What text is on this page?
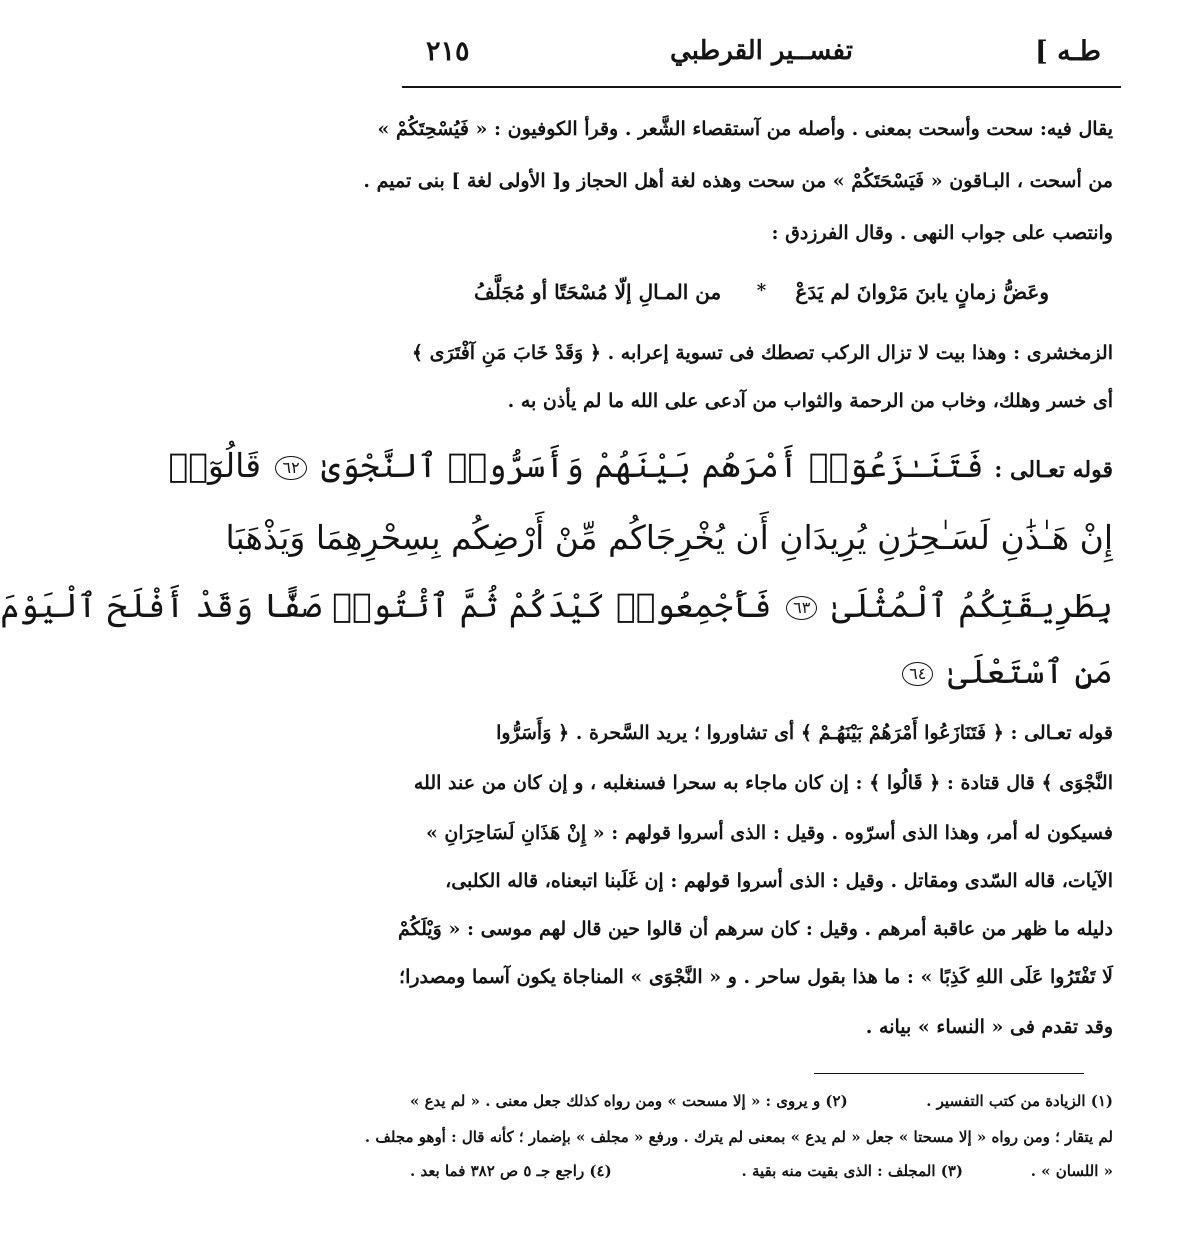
طـه ]
تفســير القرطبي
٢١٥
يقال فيه: سحت وأسحت بمعنى . وأصله من آستقصاء الشَّعر . وقرأ الكوفيون : « فَيُسْحِتَكُمْ »
من أسحت ، البـاقون « فَيَسْحَتَكُمْ » من سحت وهذه لغة أهل الحجاز و[ الأولى لغة ] بنى تميم .
وانتصب على جواب النهى . وقال الفرزدق :
وعَضُّ زمانٍ يابنَ مَرْوانَ لم يَدَعْ
*
من المـالِ إلّا مُسْحَتًا أو مُجَلَّفُ
الزمخشرى : وهذا بيت لا تزال الركب تصطك فى تسوية إعرابه . ﴿ وَقَدْ خَابَ مَنِ آفْتَرَى ﴾
أى خسر وهلك، وخاب من الرحمة والثواب من آدعى على الله ما لم يأذن به .
قوله تعـالى : فَتَنَـٰزَعُوٓا۟ أَمْرَهُم بَيْنَهُمْ وَأَسَرُّوا۟ ٱلنَّجْوَىٰ ٦٢ قَالُوٓا۟
إِنْ هَـٰذَٰنِ لَسَـٰحِرَٰنِ يُرِيدَانِ أَن يُخْرِجَاكُم مِّنْ أَرْضِكُم بِسِحْرِهِمَا وَيَذْهَبَا
بِطَرِيقَتِكُمُ ٱلْمُثْلَىٰ ٦٣ فَأَجْمِعُوا۟ كَيْدَكُمْ ثُمَّ ٱئْتُوا۟ صَفًّا وَقَدْ أَفْلَحَ ٱلْيَوْمَ
مَنِ ٱسْتَعْلَىٰ ٦٤
قوله تعـالى : ﴿ فَتَنَازَعُوا أَمْرَهُمْ بَيْنَهُـمْ ﴾ أى تشاوروا ؛ يريد السَّحرة . ﴿ وَأَسَرُّوا
النَّجْوَى ﴾ قال قتادة : ﴿ قَالُوا ﴾ : إن كان ماجاء به سحرا فسنغلبه ، و إن كان من عند الله
فسيكون له أمر، وهذا الذى أسرّوه . وقيل : الذى أسروا قولهم : « إِنْ هَذَانِ لَسَاحِرَانِ »
الآيات، قاله السّدى ومقاتل . وقيل : الذى أسروا قولهم : إن غَلَبنا اتبعناه، قاله الكلبى،
دليله ما ظهر من عاقبة أمرهم . وقيل : كان سرهم أن قالوا حين قال لهم موسى : « وَيْلَكُمْ
لَا تَفْتَرُوا عَلَى اللهِ كَذِبًا » : ما هذا بقول ساحر . و « النَّجْوَى » المناجاة يكون آسما ومصدرا؛
وقد تقدم فى « النساء » بيانه .
(١) الزيادة من كتب التفسير .
(٢) و يروى : « إلا مسحت » ومن رواه كذلك جعل معنى . « لم يدع »
لم يتقار ؛ ومن رواه « إلا مسحتا » جعل « لم يدع » بمعنى لم يترك . ورفع « مجلف » بإضمار ؛ كأنه قال : أوهو مجلف .
« اللسان » .
(٣) المجلف : الذى بقيت منه بقية .
(٤) راجع جـ ٥ ص ٣٨٢ فما بعد .
